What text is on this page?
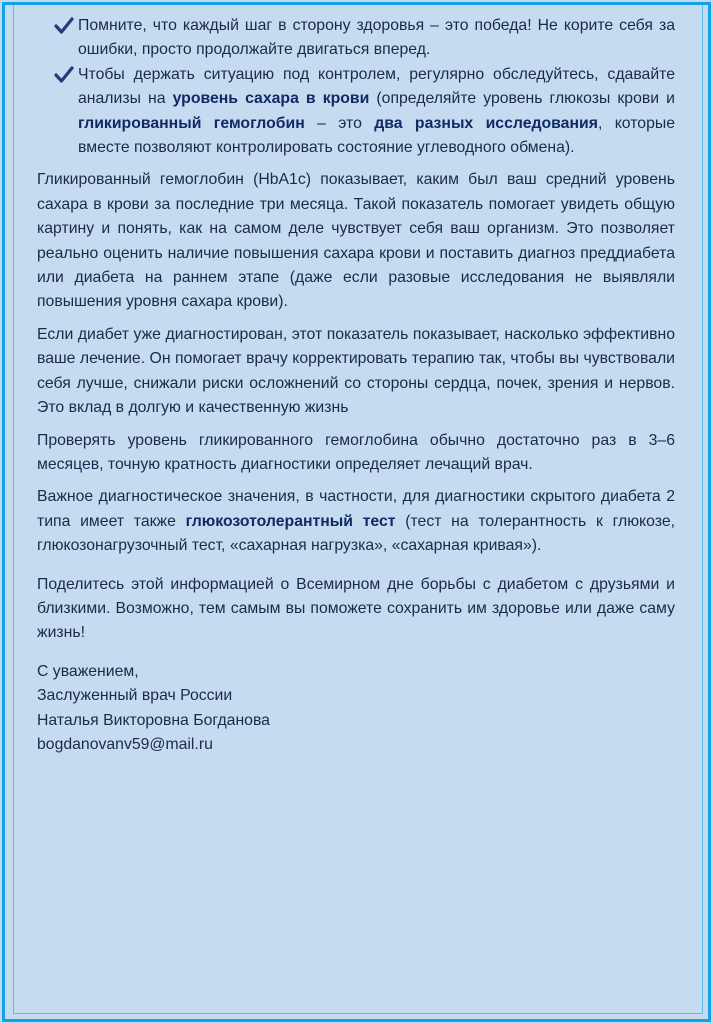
Помните, что каждый шаг в сторону здоровья – это победа! Не корите себя за ошибки, просто продолжайте двигаться вперед.
Чтобы держать ситуацию под контролем, регулярно обследуйтесь, сдавайте анализы на уровень сахара в крови (определяйте уровень глюкозы крови и гликированный гемоглобин – это два разных исследования, которые вместе позволяют контролировать состояние углеводного обмена).

Гликированный гемоглобин (HbA1c) показывает, каким был ваш средний уровень сахара в крови за последние три месяца. Такой показатель помогает увидеть общую картину и понять, как на самом деле чувствует себя ваш организм. Это позволяет реально оценить наличие повышения сахара крови и поставить диагноз преддиабета или диабета на раннем этапе (даже если разовые исследования не выявляли повышения уровня сахара крови).

Если диабет уже диагностирован, этот показатель показывает, насколько эффективно ваше лечение. Он помогает врачу корректировать терапию так, чтобы вы чувствовали себя лучше, снижали риски осложнений со стороны сердца, почек, зрения и нервов. Это вклад в долгую и качественную жизнь

Проверять уровень гликированного гемоглобина обычно достаточно раз в 3–6 месяцев, точную кратность диагностики определяет лечащий врач.

Важное диагностическое значения, в частности, для диагностики скрытого диабета 2 типа имеет также глюкозотолерантный тест (тест на толерантность к глюкозе, глюкозонагрузочный тест, «сахарная нагрузка», «сахарная кривая»).

Поделитесь этой информацией о Всемирном дне борьбы с диабетом с друзьями и близкими. Возможно, тем самым вы поможете сохранить им здоровье или даже саму жизнь!

С уважением,

Заслуженный врач России

Наталья Викторовна Богданова

bogdanovanv59@mail.ru
